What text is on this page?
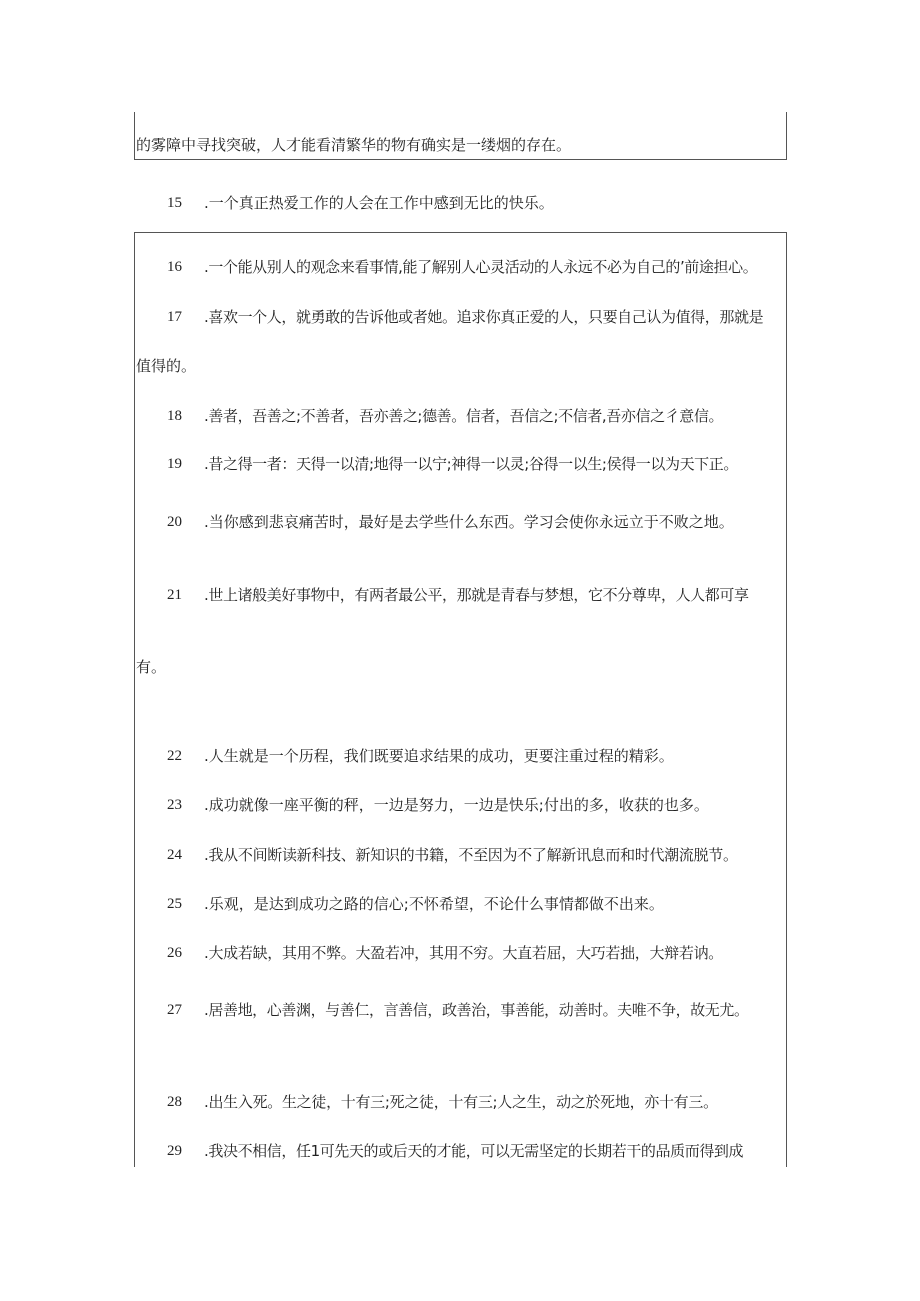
的雾障中寻找突破，人才能看清繁华的物有确实是一缕烟的存在。
15 .一个真正热爱工作的人会在工作中感到无比的快乐。
16 .一个能从别人的观念来看事情,能了解别人心灵活动的人永远不必为自己的’前途担心。
17 .喜欢一个人，就勇敢的告诉他或者她。追求你真正爱的人，只要自己认为值得，那就是
值得的。
18 .善者，吾善之;不善者，吾亦善之;德善。信者，吾信之;不信者,吾亦信之彳意信。
19 .昔之得一者：天得一以清;地得一以宁;神得一以灵;谷得一以生;侯得一以为天下正。
20 .当你感到悲哀痛苦时，最好是去学些什么东西。学习会使你永远立于不败之地。
21 .世上诸般美好事物中，有两者最公平，那就是青春与梦想，它不分尊卑，人人都可享
有。
22 .人生就是一个历程，我们既要追求结果的成功，更要注重过程的精彩。
23 .成功就像一座平衡的秤，一边是努力，一边是快乐;付出的多，收获的也多。
24 .我从不间断读新科技、新知识的书籍，不至因为不了解新讯息而和时代潮流脱节。
25 .乐观，是达到成功之路的信心;不怀希望，不论什么事情都做不出来。
26 .大成若缺，其用不弊。大盈若冲，其用不穷。大直若屈，大巧若拙，大辩若讷。
27 .居善地，心善渊，与善仁，言善信，政善治，事善能，动善时。夫唯不争，故无尤。
28 .出生入死。生之徒，十有三;死之徒，十有三;人之生，动之於死地，亦十有三。
29 .我决不相信，任1可先天的或后天的才能，可以无需坚定的长期若干的品质而得到成
